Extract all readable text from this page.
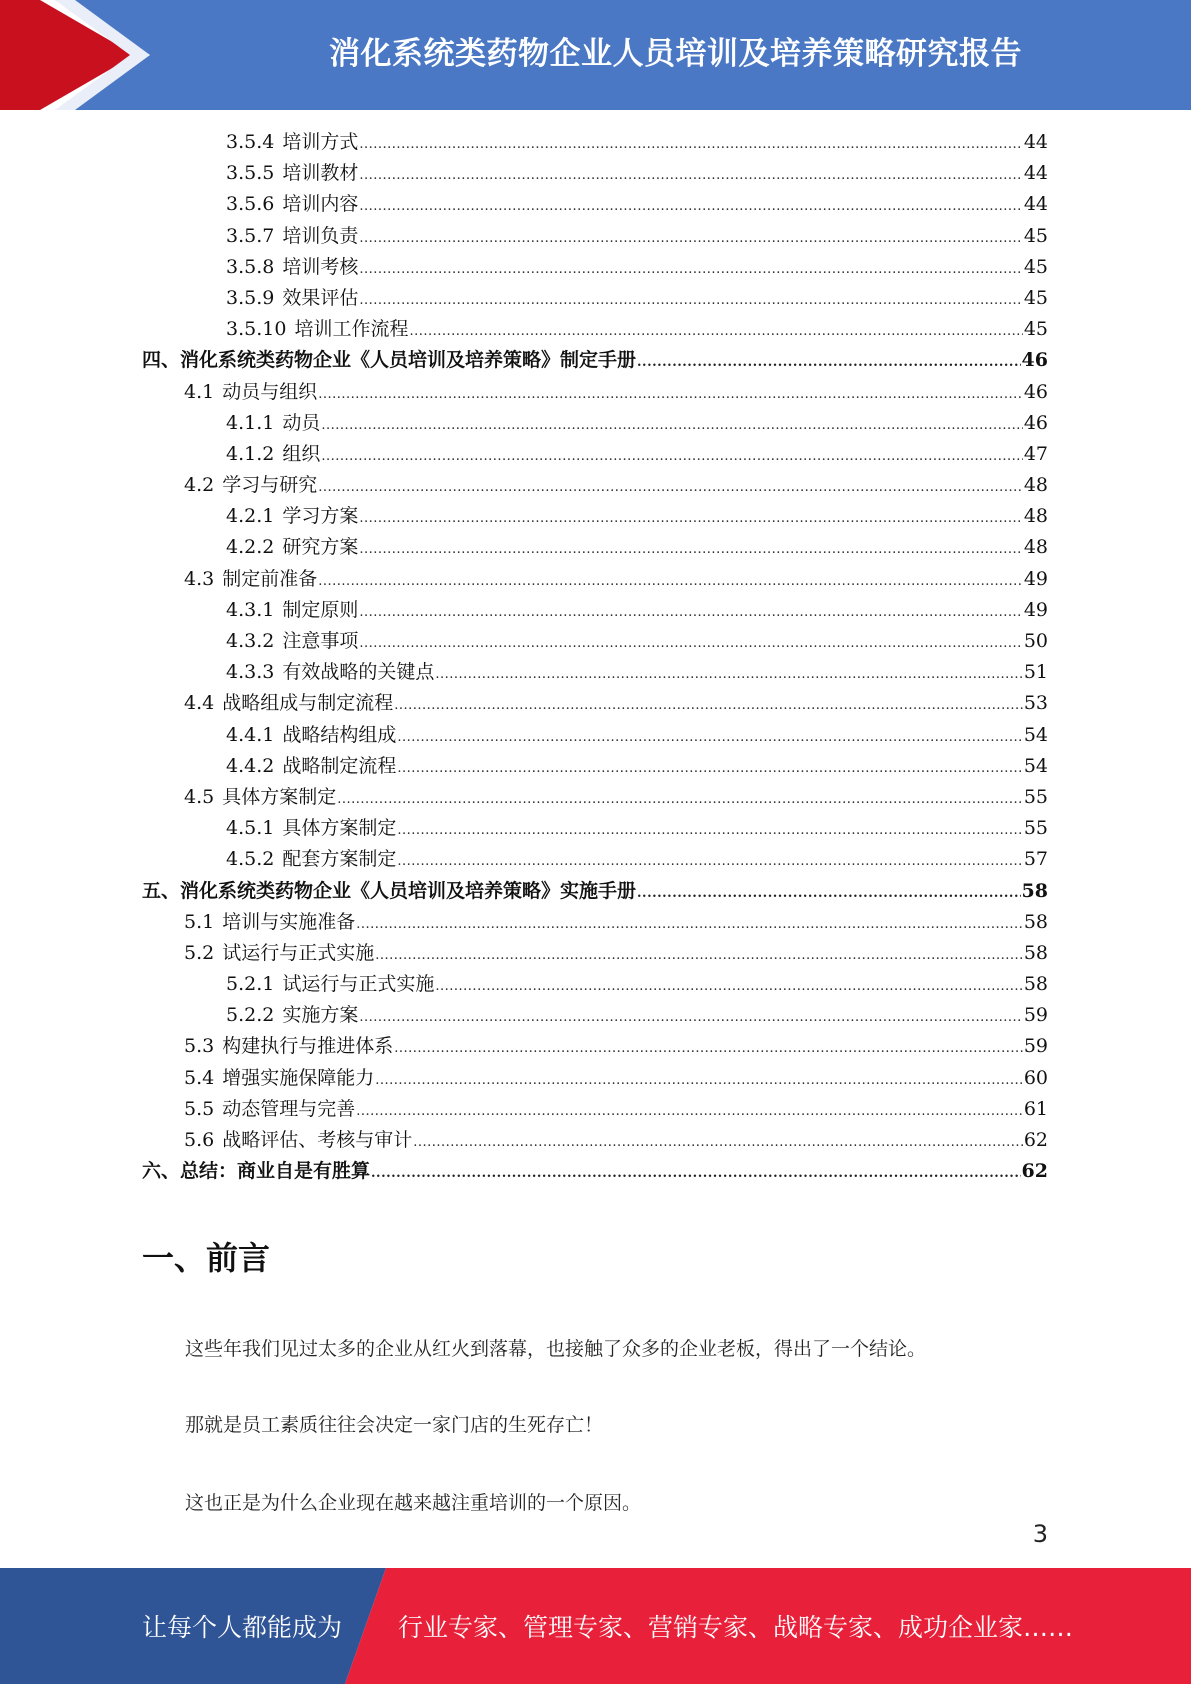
消化系统类药物企业人员培训及培养策略研究报告
3.5.4 培训方式 .....	44
3.5.5 培训教材 .....	44
3.5.6 培训内容 .....	44
3.5.7 培训负责 .....	45
3.5.8 培训考核 .....	45
3.5.9 效果评估 .....	45
3.5.10 培训工作流程 .....	45
四、消化系统类药物企业《人员培训及培养策略》制定手册 .....	46
4.1 动员与组织 .....	46
4.1.1 动员 .....	46
4.1.2 组织 .....	47
4.2 学习与研究 .....	48
4.2.1 学习方案 .....	48
4.2.2 研究方案 .....	48
4.3 制定前准备 .....	49
4.3.1 制定原则 .....	49
4.3.2 注意事项 .....	50
4.3.3 有效战略的关键点 .....	51
4.4 战略组成与制定流程 .....	53
4.4.1 战略结构组成 .....	54
4.4.2 战略制定流程 .....	54
4.5 具体方案制定 .....	55
4.5.1 具体方案制定 .....	55
4.5.2 配套方案制定 .....	57
五、消化系统类药物企业《人员培训及培养策略》实施手册 .....	58
5.1 培训与实施准备 .....	58
5.2 试运行与正式实施 .....	58
5.2.1 试运行与正式实施 .....	58
5.2.2 实施方案 .....	59
5.3 构建执行与推进体系 .....	59
5.4 增强实施保障能力 .....	60
5.5 动态管理与完善 .....	61
5.6 战略评估、考核与审计 .....	62
六、总结：商业自是有胜算 .....	62
一、前言
这些年我们见过太多的企业从红火到落幕，也接触了众多的企业老板，得出了一个结论。
那就是员工素质往往会决定一家门店的生死存亡！
这也正是为什么企业现在越来越注重培训的一个原因。
3
让每个人都能成为 行业专家、管理专家、营销专家、战略专家、成功企业家……
